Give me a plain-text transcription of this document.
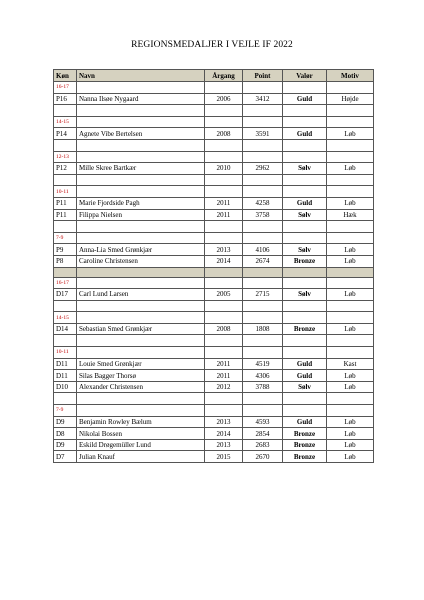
REGIONSMEDALJER I VEJLE IF 2022
Køn	Navn	Årgang	Point	Valør	Motiv
16-17					
P16	Nanna Ilsøe Nygaard	2006	3412	Guld	Højde

14-15					
P14	Agnete Vibe Bertelsen	2008	3591	Guld	Løb

12-13					
P12	Mille Skree Bartkær	2010	2962	Sølv	Løb

10-11					
P11	Marie Fjordside Pagh	2011	4258	Guld	Løb
P11	Filippa Nielsen	2011	3758	Sølv	Hæk

7-9					
P9	Anna-Lia Smed Grønkjær	2013	4106	Sølv	Løb
P8	Caroline Christensen	2014	2674	Bronze	Løb

16-17					
D17	Carl Lund Larsen	2005	2715	Sølv	Løb

14-15					
D14	Sebastian Smed Grønkjær	2008	1808	Bronze	Løb

10-11					
D11	Louie Smed Grønkjær	2011	4519	Guld	Kast
D11	Silas Bagger Thorsø	2011	4306	Guld	Løb
D10	Alexander Christensen	2012	3788	Sølv	Løb

7-9					
D9	Benjamin Rowley Bælum	2013	4593	Guld	Løb
D8	Nikolai Bossen	2014	2854	Bronze	Løb
D9	Eskild Drøgemüller Lund	2013	2683	Bronze	Løb
D7	Julian Knauf	2015	2670	Bronze	Løb
